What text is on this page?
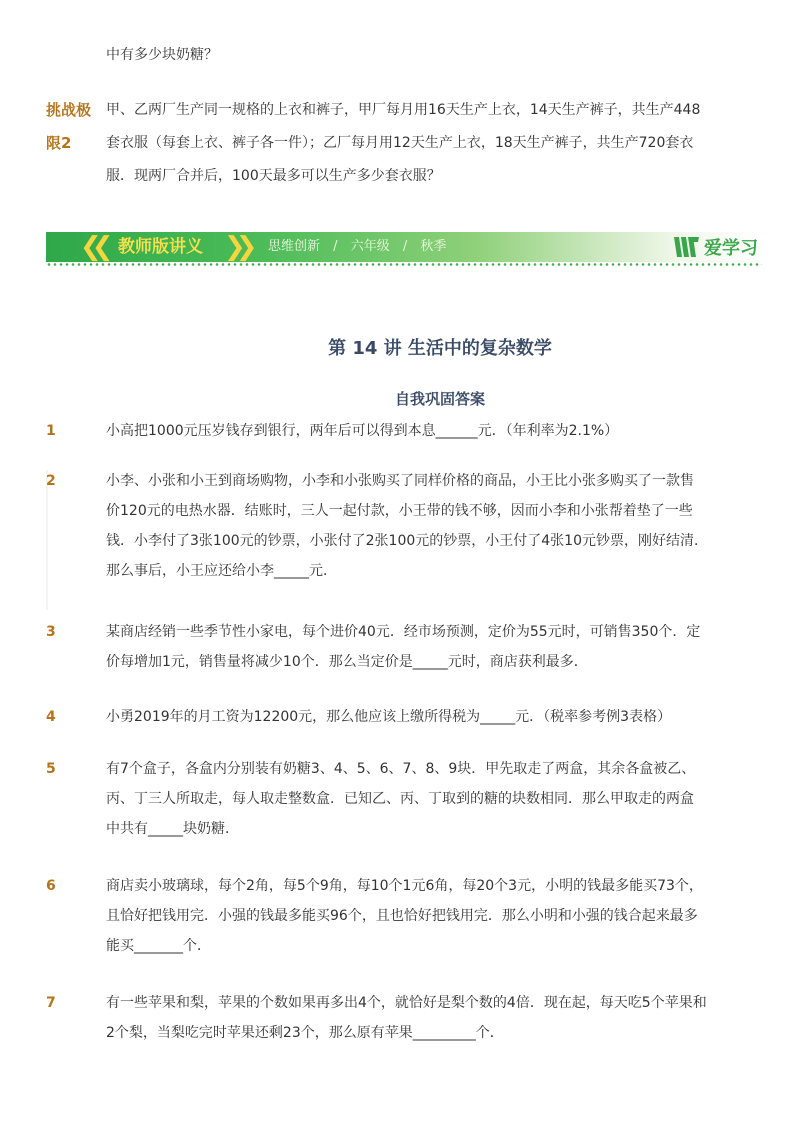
中有多少块奶糖？
挑战极
限2
甲、乙两厂生产同一规格的上衣和裤子，甲厂每月用16天生产上衣，14天生产裤子，共生产448
套衣服（每套上衣、裤子各一件）；乙厂每月用12天生产上衣，18天生产裤子，共生产720套衣
服．现两厂合并后，100天最多可以生产多少套衣服？
❮❮ 教师版讲义 ❯❯ 思维创新 / 六年级 / 秋季	爱学习
第 14 讲 生活中的复杂数学
自我巩固答案
1	小高把1000元压岁钱存到银行，两年后可以得到本息______元．（年利率为2.1%）
2	小李、小张和小王到商场购物，小李和小张购买了同样价格的商品，小王比小张多购买了一款售
价120元的电热水器．结账时，三人一起付款，小王带的钱不够，因而小李和小张帮着垫了一些
钱．小李付了3张100元的钞票，小张付了2张100元的钞票，小王付了4张10元钞票，刚好结清．
那么事后，小王应还给小李_____元．
3	某商店经销一些季节性小家电，每个进价40元．经市场预测，定价为55元时，可销售350个．定
价每增加1元，销售量将减少10个．那么当定价是_____元时，商店获利最多．
4	小勇2019年的月工资为12200元，那么他应该上缴所得税为_____元．（税率参考例3表格）
5	有7个盒子，各盒内分别装有奶糖3、4、5、6、7、8、9块．甲先取走了两盒，其余各盒被乙、
丙、丁三人所取走，每人取走整数盒．已知乙、丙、丁取到的糖的块数相同．那么甲取走的两盒
中共有_____块奶糖．
6	商店卖小玻璃球，每个2角，每5个9角，每10个1元6角，每20个3元，小明的钱最多能买73个，
且恰好把钱用完．小强的钱最多能买96个，且也恰好把钱用完．那么小明和小强的钱合起来最多
能买_______个．
7	有一些苹果和梨，苹果的个数如果再多出4个，就恰好是梨个数的4倍．现在起，每天吃5个苹果和
2个梨，当梨吃完时苹果还剩23个，那么原有苹果_________个．
